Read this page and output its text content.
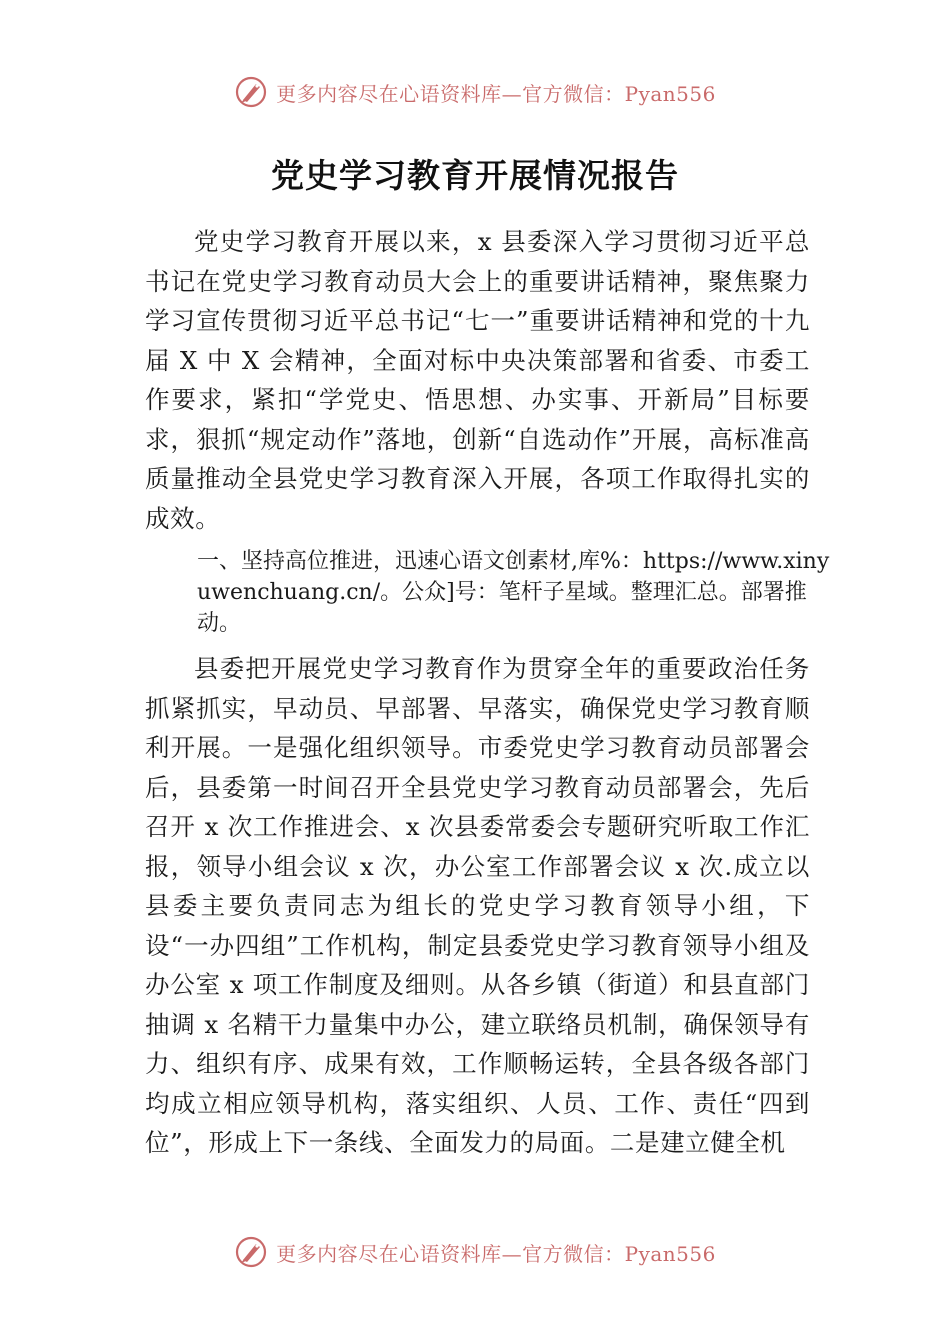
更多内容尽在心语资料库—官方微信：Pyan556
党史学习教育开展情况报告

党史学习教育开展以来，x 县委深入学习贯彻习近平总书记在党史学习教育动员大会上的重要讲话精神，聚焦聚力学习宣传贯彻习近平总书记“七一”重要讲话精神和党的十九届 X 中 X 会精神，全面对标中央决策部署和省委、市委工作要求，紧扣“学党史、悟思想、办实事、开新局”目标要求，狠抓“规定动作”落地，创新“自选动作”开展，高标准高质量推动全县党史学习教育深入开展，各项工作取得扎实的成效。

一、坚持高位推进，迅速心语文创素材,库%：https://www.xinyuwenchuang.cn/。公众]号：笔杆子星域。整理汇总。部署推动。

县委把开展党史学习教育作为贯穿全年的重要政治任务抓紧抓实，早动员、早部署、早落实，确保党史学习教育顺利开展。一是强化组织领导。市委党史学习教育动员部署会后，县委第一时间召开全县党史学习教育动员部署会，先后召开 x 次工作推进会、x 次县委常委会专题研究听取工作汇报，领导小组会议 x 次，办公室工作部署会议 x 次.成立以县委主要负责同志为组长的党史学习教育领导小组，下设“一办四组”工作机构，制定县委党史学习教育领导小组及办公室 x 项工作制度及细则。从各乡镇（街道）和县直部门抽调 x 名精干力量集中办公，建立联络员机制，确保领导有力、组织有序、成果有效，工作顺畅运转，全县各级各部门均成立相应领导机构，落实组织、人员、工作、责任“四到位”，形成上下一条线、全面发力的局面。二是建立健全机

更多内容尽在心语资料库—官方微信：Pyan556
